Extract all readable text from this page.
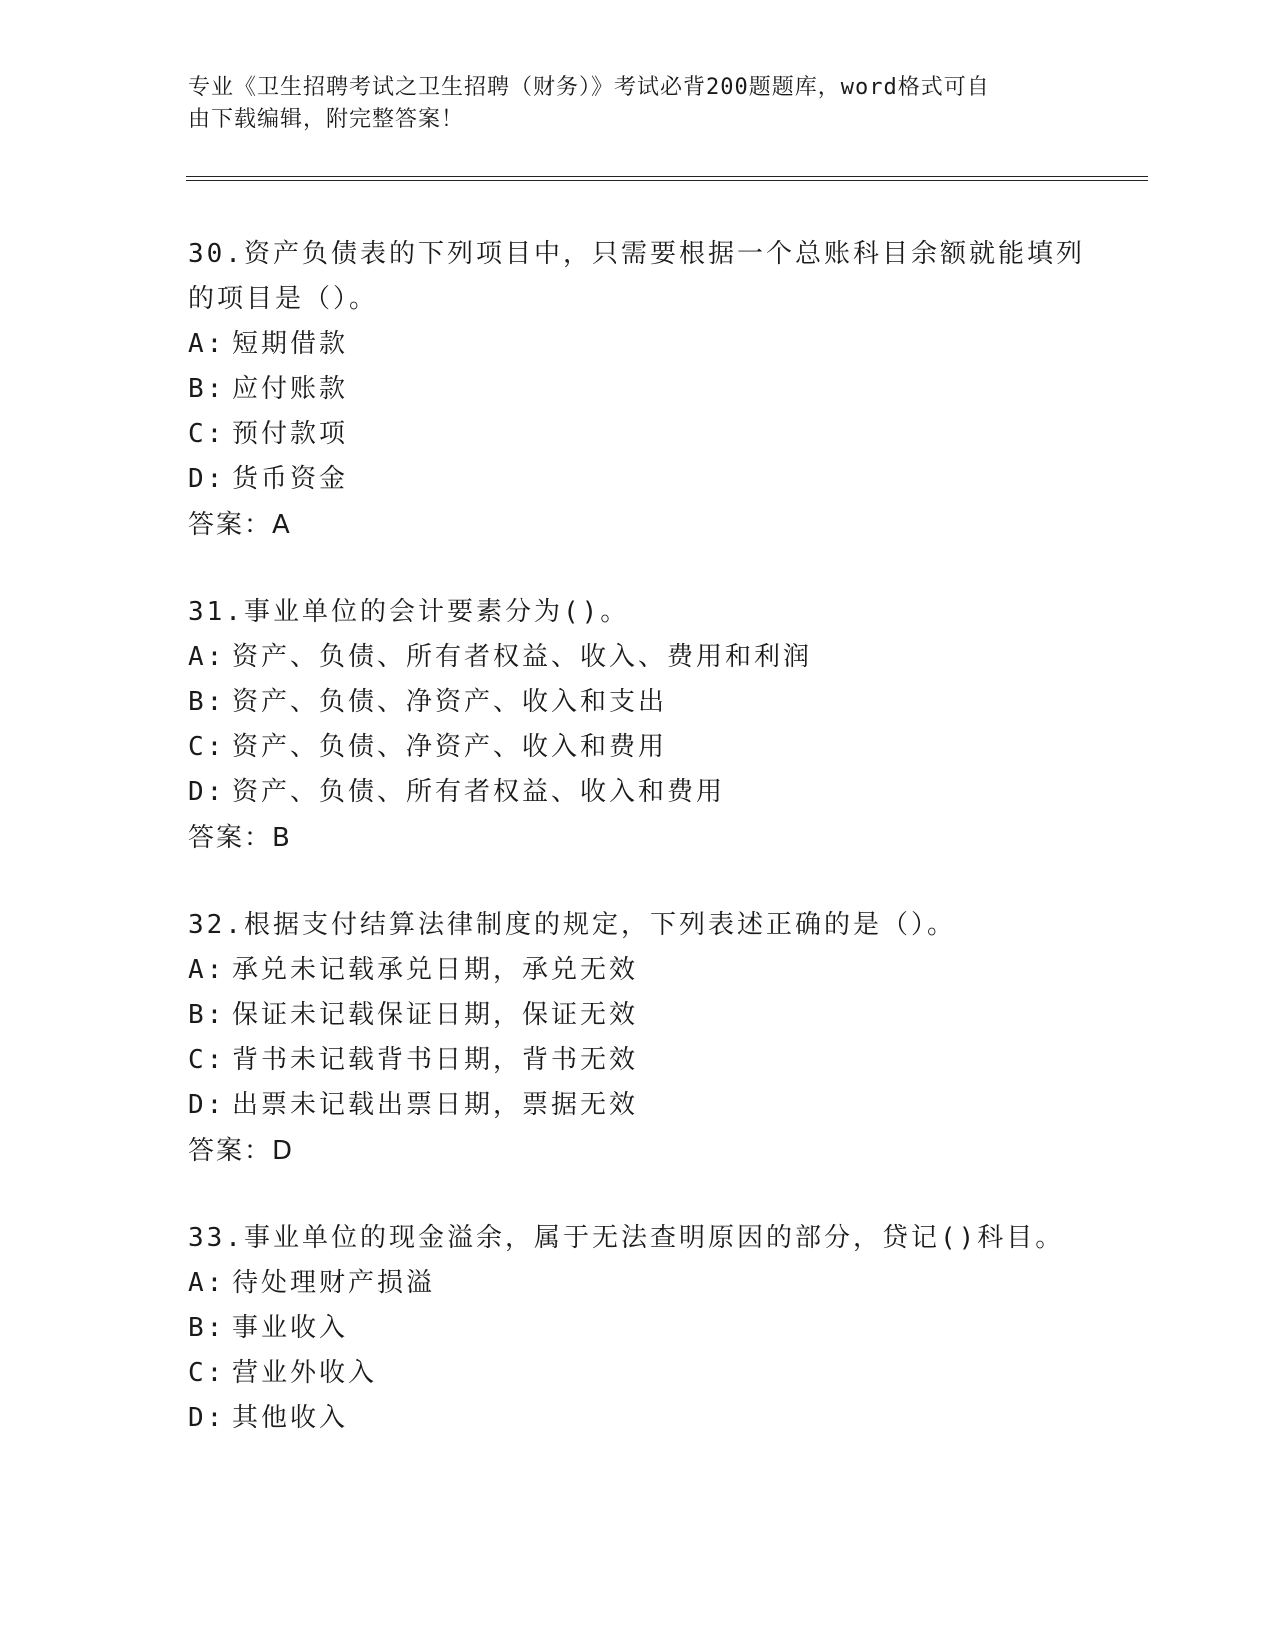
专业《卫生招聘考试之卫生招聘（财务）》考试必背200题题库，word格式可自
由下载编辑，附完整答案！
30.资产负债表的下列项目中，只需要根据一个总账科目余额就能填列
的项目是（）。
A: 短期借款
B: 应付账款
C: 预付款项
D: 货币资金
答案：A
31.事业单位的会计要素分为()。
A: 资产、负债、所有者权益、收入、费用和利润
B: 资产、负债、净资产、收入和支出
C: 资产、负债、净资产、收入和费用
D: 资产、负债、所有者权益、收入和费用
答案：B
32.根据支付结算法律制度的规定，下列表述正确的是（）。
A: 承兑未记载承兑日期，承兑无效
B: 保证未记载保证日期，保证无效
C: 背书未记载背书日期，背书无效
D: 出票未记载出票日期，票据无效
答案：D
33.事业单位的现金溢余，属于无法查明原因的部分，贷记()科目。
A: 待处理财产损溢
B: 事业收入
C: 营业外收入
D: 其他收入
